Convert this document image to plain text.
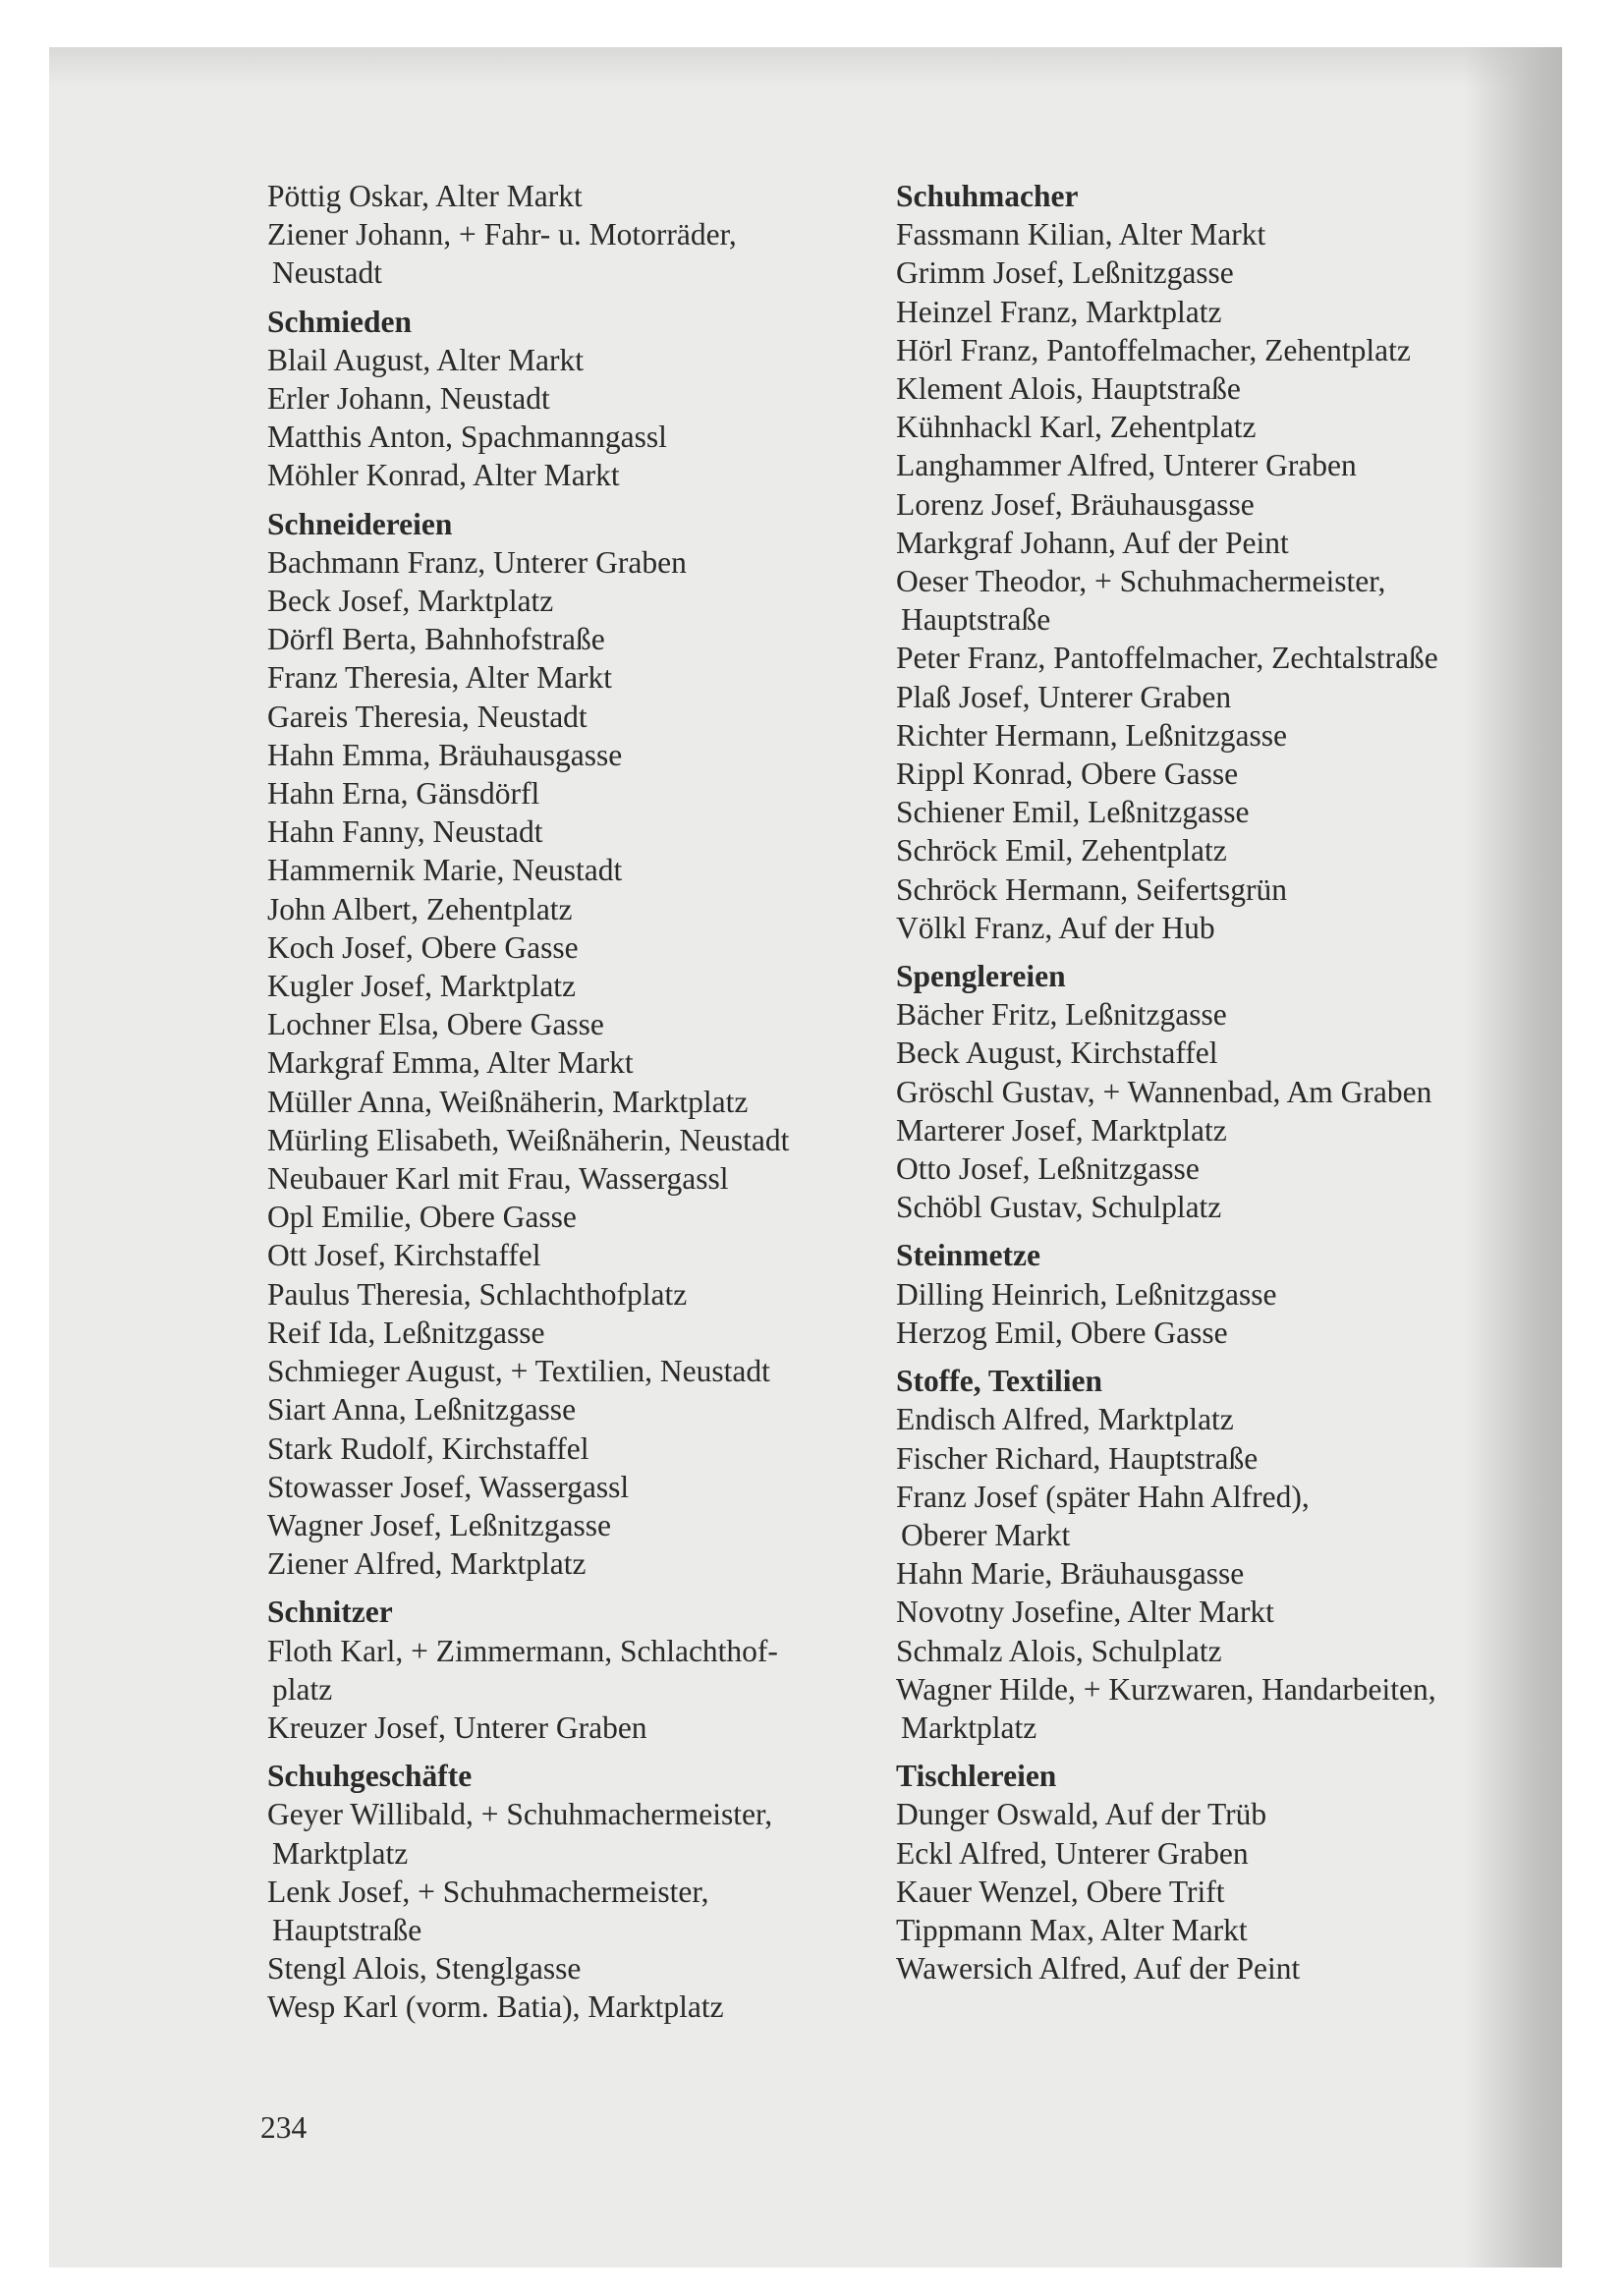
Pöttig Oskar, Alter Markt
Ziener Johann, + Fahr- u. Motorräder,
Neustadt
Schmieden
Blail August, Alter Markt
Erler Johann, Neustadt
Matthis Anton, Spachmanngassl
Möhler Konrad, Alter Markt
Schneidereien
Bachmann Franz, Unterer Graben
Beck Josef, Marktplatz
Dörfl Berta, Bahnhofstraße
Franz Theresia, Alter Markt
Gareis Theresia, Neustadt
Hahn Emma, Bräuhausgasse
Hahn Erna, Gänsdörfl
Hahn Fanny, Neustadt
Hammernik Marie, Neustadt
John Albert, Zehentplatz
Koch Josef, Obere Gasse
Kugler Josef, Marktplatz
Lochner Elsa, Obere Gasse
Markgraf Emma, Alter Markt
Müller Anna, Weißnäherin, Marktplatz
Mürling Elisabeth, Weißnäherin, Neustadt
Neubauer Karl mit Frau, Wassergassl
Opl Emilie, Obere Gasse
Ott Josef, Kirchstaffel
Paulus Theresia, Schlachthofplatz
Reif Ida, Leßnitzgasse
Schmieger August, + Textilien, Neustadt
Siart Anna, Leßnitzgasse
Stark Rudolf, Kirchstaffel
Stowasser Josef, Wassergassl
Wagner Josef, Leßnitzgasse
Ziener Alfred, Marktplatz
Schnitzer
Floth Karl, + Zimmermann, Schlachthof-
platz
Kreuzer Josef, Unterer Graben
Schuhgeschäfte
Geyer Willibald, + Schuhmachermeister,
Marktplatz
Lenk Josef, + Schuhmachermeister,
Hauptstraße
Stengl Alois, Stenglgasse
Wesp Karl (vorm. Batia), Marktplatz
Schuhmacher
Fassmann Kilian, Alter Markt
Grimm Josef, Leßnitzgasse
Heinzel Franz, Marktplatz
Hörl Franz, Pantoffelmacher, Zehentplatz
Klement Alois, Hauptstraße
Kühnhackl Karl, Zehentplatz
Langhammer Alfred, Unterer Graben
Lorenz Josef, Bräuhausgasse
Markgraf Johann, Auf der Peint
Oeser Theodor, + Schuhmachermeister,
Hauptstraße
Peter Franz, Pantoffelmacher, Zechtalstraße
Plaß Josef, Unterer Graben
Richter Hermann, Leßnitzgasse
Rippl Konrad, Obere Gasse
Schiener Emil, Leßnitzgasse
Schröck Emil, Zehentplatz
Schröck Hermann, Seifertsgrün
Völkl Franz, Auf der Hub
Spenglereien
Bächer Fritz, Leßnitzgasse
Beck August, Kirchstaffel
Gröschl Gustav, + Wannenbad, Am Graben
Marterer Josef, Marktplatz
Otto Josef, Leßnitzgasse
Schöbl Gustav, Schulplatz
Steinmetze
Dilling Heinrich, Leßnitzgasse
Herzog Emil, Obere Gasse
Stoffe, Textilien
Endisch Alfred, Marktplatz
Fischer Richard, Hauptstraße
Franz Josef (später Hahn Alfred),
Oberer Markt
Hahn Marie, Bräuhausgasse
Novotny Josefine, Alter Markt
Schmalz Alois, Schulplatz
Wagner Hilde, + Kurzwaren, Handarbeiten,
Marktplatz
Tischlereien
Dunger Oswald, Auf der Trüb
Eckl Alfred, Unterer Graben
Kauer Wenzel, Obere Trift
Tippmann Max, Alter Markt
Wawersich Alfred, Auf der Peint
234
